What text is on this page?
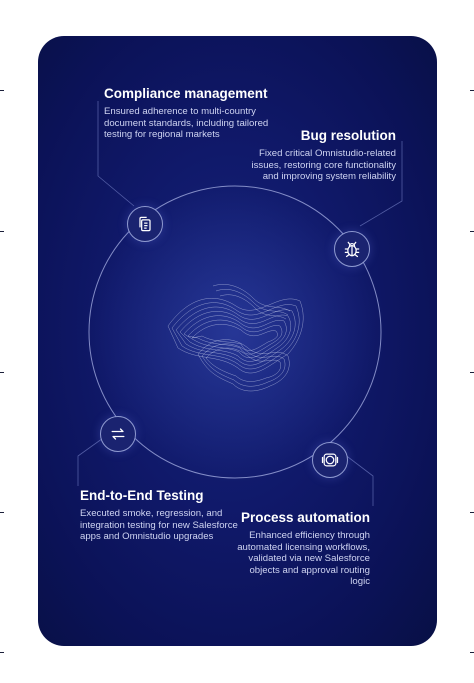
Compliance management

Ensured adherence to multi-country document standards, including tailored testing for regional markets	Bug resolution

Fixed critical Omnistudio-related issues, restoring core functionality and improving system reliability

End-to-End Testing

Executed smoke, regression, and integration testing for new Salesforce apps and Omnistudio upgrades

Process automation

Enhanced efficiency through automated licensing workflows, validated via new Salesforce objects and approval routing logic
